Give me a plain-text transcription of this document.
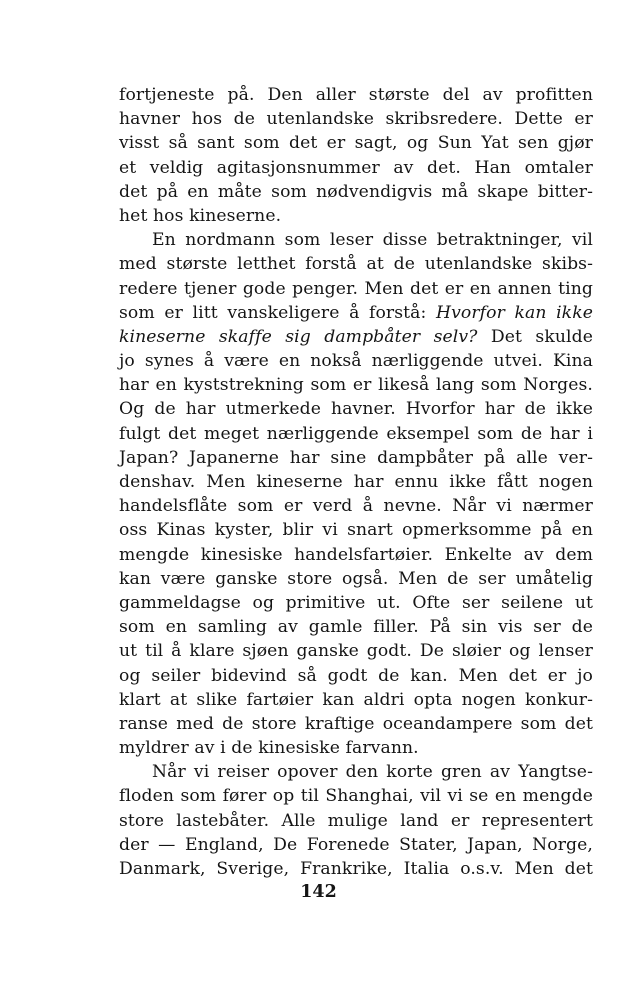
fortjeneste på. Den aller største del av profitten
havner hos de utenlandske skribsredere. Dette er
visst så sant som det er sagt, og Sun Yat sen gjør
et veldig agitasjonsnummer av det. Han omtaler
det på en måte som nødvendigvis må skape bitter-
het hos kineserne.
En nordmann som leser disse betraktninger, vil
med største letthet forstå at de utenlandske skibs-
redere tjener gode penger. Men det er en annen ting
som er litt vanskeligere å forstå: Hvorfor kan ikke
kineserne skaffe sig dampbåter selv? Det skulde
jo synes å være en nokså nærliggende utvei. Kina
har en kyststrekning som er likeså lang som Norges.
Og de har utmerkede havner. Hvorfor har de ikke
fulgt det meget nærliggende eksempel som de har i
Japan? Japanerne har sine dampbåter på alle ver-
denshav. Men kineserne har ennu ikke fått nogen
handelsflåte som er verd å nevne. Når vi nærmer
oss Kinas kyster, blir vi snart opmerksomme på en
mengde kinesiske handelsfartøier. Enkelte av dem
kan være ganske store også. Men de ser umåtelig
gammeldagse og primitive ut. Ofte ser seilene ut
som en samling av gamle filler. På sin vis ser de
ut til å klare sjøen ganske godt. De sløier og lenser
og seiler bidevind så godt de kan. Men det er jo
klart at slike fartøier kan aldri opta nogen konkur-
ranse med de store kraftige oceandampere som det
myldrer av i de kinesiske farvann.
Når vi reiser opover den korte gren av Yangtse-
floden som fører op til Shanghai, vil vi se en mengde
store lastebåter. Alle mulige land er representert
der — England, De Forenede Stater, Japan, Norge,
Danmark, Sverige, Frankrike, Italia o.s.v. Men det
142
